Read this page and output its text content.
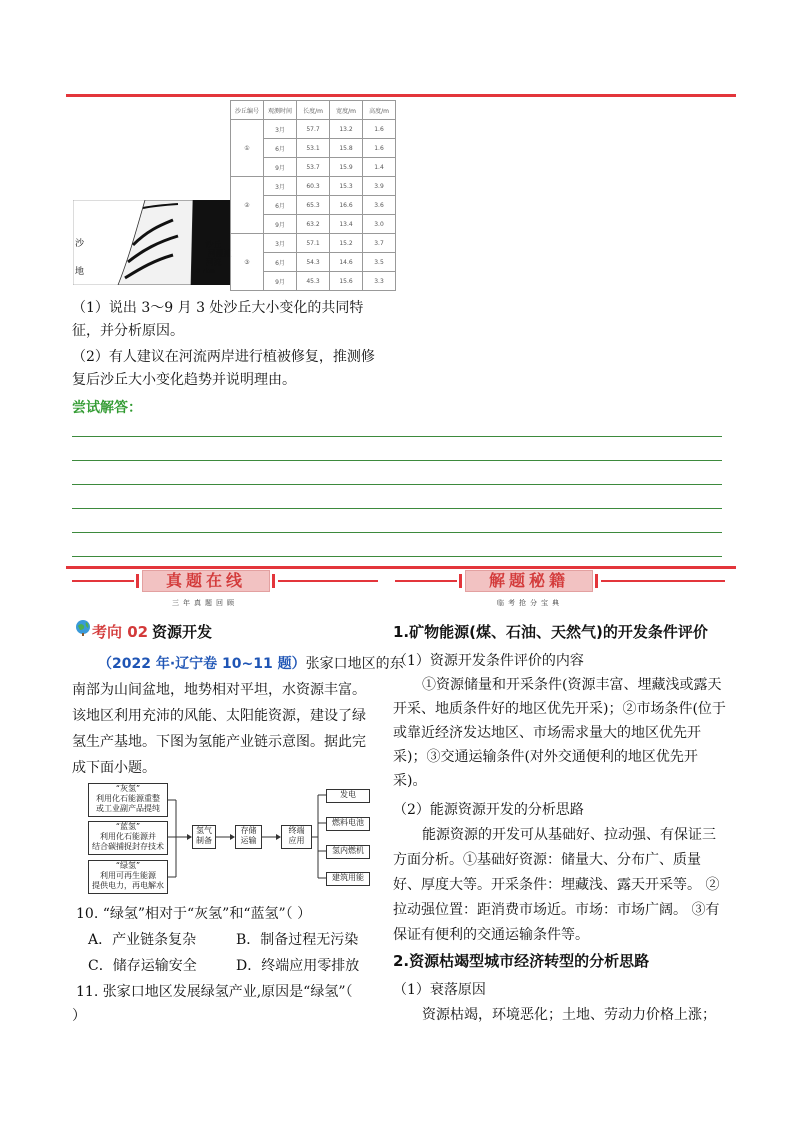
沙
地
沙丘
河漫滩
河流
0 7km
沙丘编号	观测时间	长度/m	宽度/m	高度/m
①	3月	57.7	13.2	1.6
	6月	53.1	15.8	1.6
	9月	53.7	15.9	1.4
②	3月	60.3	15.3	3.9
	6月	65.3	16.6	3.6
	9月	63.2	13.4	3.0
③	3月	57.1	15.2	3.7
	6月	54.3	14.6	3.5
	9月	45.3	15.6	3.3
（1）说出 3～9 月 3 处沙丘大小变化的共同特
征，并分析原因。
（2）有人建议在河流两岸进行植被修复，推测修
复后沙丘大小变化趋势并说明理由。
尝试解答：
真题在线
三年真题回顾
解题秘籍
临考抢分宝典
考向 02 资源开发
（2022 年·辽宁卷 10~11 题）张家口地区的东
南部为山间盆地，地势相对平坦，水资源丰富。
该地区利用充沛的风能、太阳能资源，建设了绿
氢生产基地。下图为氢能产业链示意图。据此完
成下面小题。
“灰氢”
利用化石能源重整
或工业副产品提纯
“蓝氢”
利用化石能源并
结合碳捕捉封存技术
“绿氢”
利用可再生能源
提供电力，再电解水
氢气
制备
存储
运输
终端
应用
发电
燃料电池
氢内燃机
建筑用能
10. “绿氢”相对于“灰氢”和“蓝氢”（ ）
A．产业链条复杂	B．制备过程无污染
C．储存运输安全	D．终端应用零排放
11. 张家口地区发展绿氢产业,原因是“绿氢”（
）
1.矿物能源(煤、石油、天然气)的开发条件评价
（1）资源开发条件评价的内容
①资源储量和开采条件(资源丰富、埋藏浅或露天
开采、地质条件好的地区优先开采)；②市场条件(位于
或靠近经济发达地区、市场需求量大的地区优先开
采)；③交通运输条件(对外交通便利的地区优先开
采)。
（2）能源资源开发的分析思路
能源资源的开发可从基础好、拉动强、有保证三
方面分析。①基础好资源：储量大、分布广、质量
好、厚度大等。开采条件：埋藏浅、露天开采等。 ②
拉动强位置：距消费市场近。市场：市场广阔。 ③有
保证有便利的交通运输条件等。
2.资源枯竭型城市经济转型的分析思路
（1）衰落原因
资源枯竭，环境恶化；土地、劳动力价格上涨；
